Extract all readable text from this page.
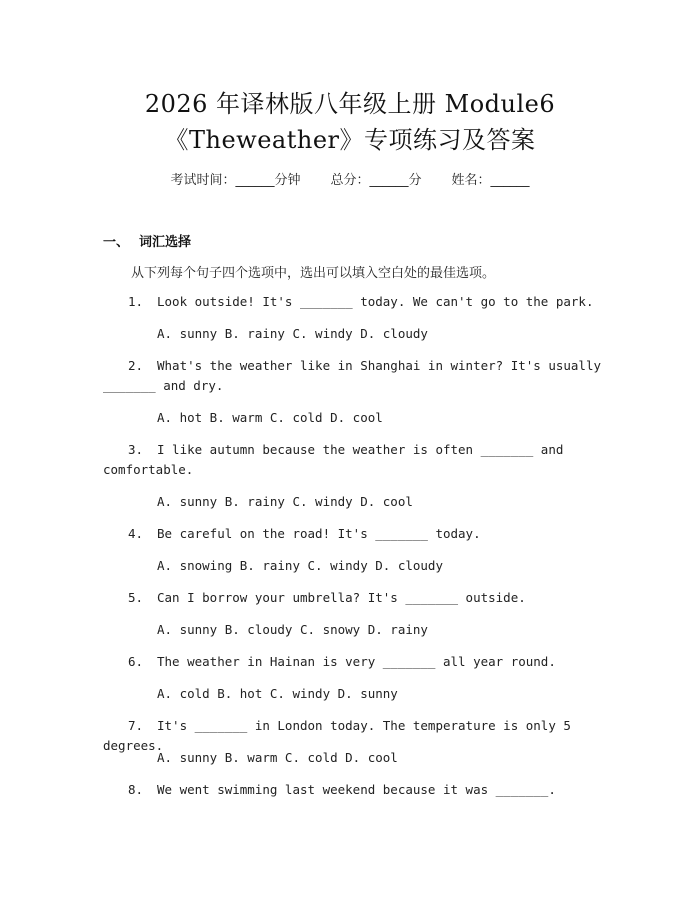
2026 年译林版八年级上册 Module6
《Theweather》专项练习及答案
考试时间：______分钟 总分：______分 姓名：______
一、 词汇选择
从下列每个句子四个选项中，选出可以填入空白处的最佳选项。
1. Look outside! It's _______ today. We can't go to the park.
A. sunny B. rainy C. windy D. cloudy
2. What's the weather like in Shanghai in winter? It's usually
_______ and dry.
A. hot B. warm C. cold D. cool
3. I like autumn because the weather is often _______ and
comfortable.
A. sunny B. rainy C. windy D. cool
4. Be careful on the road! It's _______ today.
A. snowing B. rainy C. windy D. cloudy
5. Can I borrow your umbrella? It's _______ outside.
A. sunny B. cloudy C. snowy D. rainy
6. The weather in Hainan is very _______ all year round.
A. cold B. hot C. windy D. sunny
7. It's _______ in London today. The temperature is only 5 degrees.
A. sunny B. warm C. cold D. cool
8. We went swimming last weekend because it was _______.
